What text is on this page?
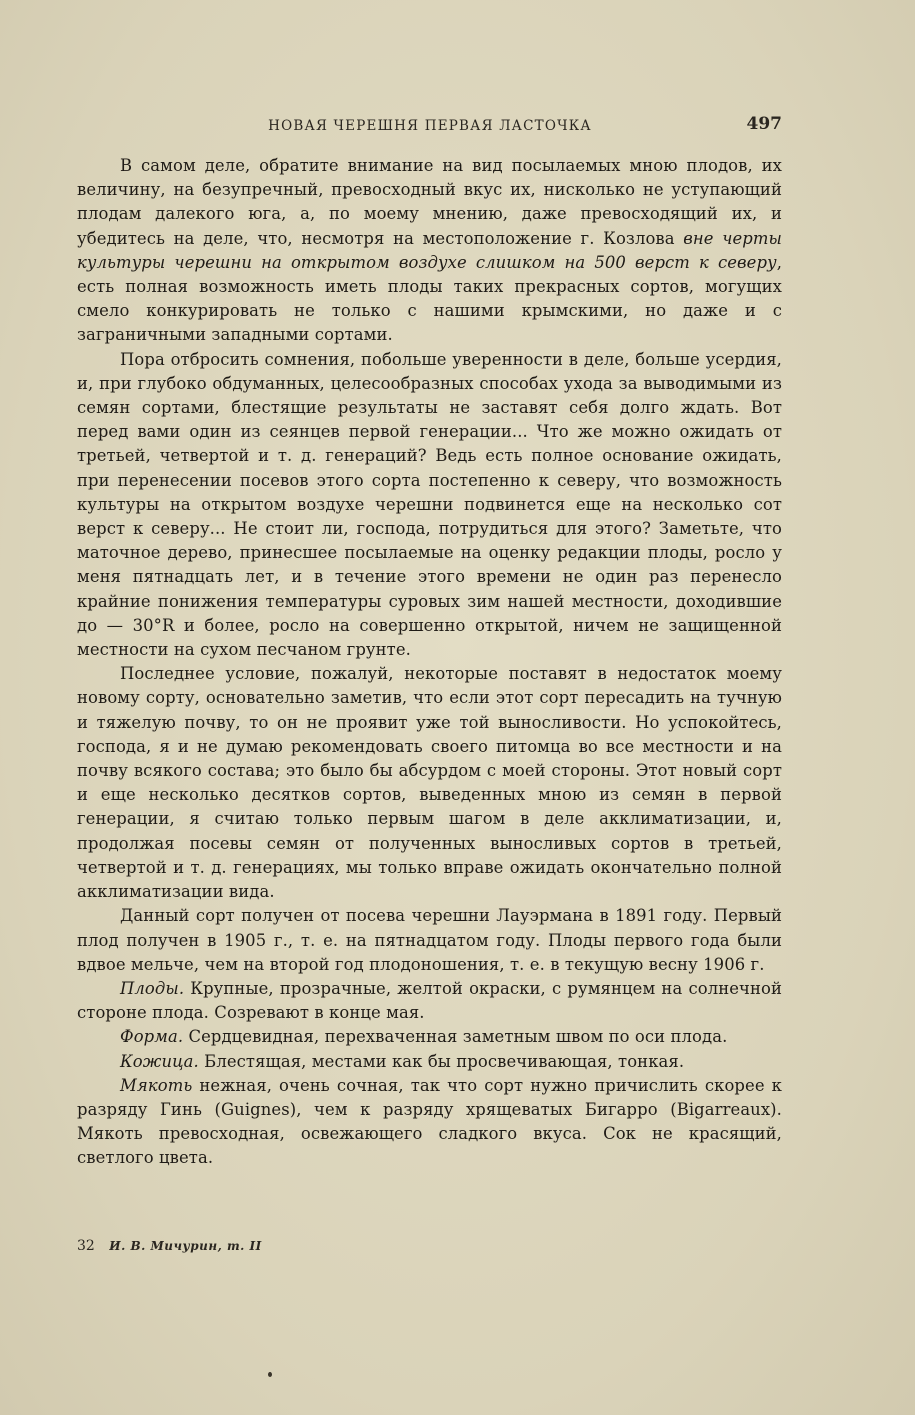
НОВАЯ ЧЕРЕШНЯ ПЕРВАЯ ЛАСТОЧКА	497

В самом деле, обратите внимание на вид посылаемых мною плодов, их величину, на безупречный, превосходный вкус их, нисколько не уступающий плодам далекого юга, а, по моему мнению, даже превосходящий их, и убедитесь на деле, что, несмотря на местоположение г. Козлова вне черты культуры черешни на открытом воздухе слишком на 500 верст к северу, есть полная возможность иметь плоды таких прекрасных сортов, могущих смело конкурировать не только с нашими крымскими, но даже и с заграничными западными сортами.

Пора отбросить сомнения, побольше уверенности в деле, больше усердия, и, при глубоко обдуманных, целесообразных способах ухода за выводимыми из семян сортами, блестящие результаты не заставят себя долго ждать. Вот перед вами один из сеянцев первой генерации... Что же можно ожидать от третьей, четвертой и т. д. генераций? Ведь есть полное основание ожидать, при перенесении посевов этого сорта постепенно к северу, что возможность культуры на открытом воздухе черешни подвинется еще на несколько сот верст к северу... Не стоит ли, господа, потрудиться для этого? Заметьте, что маточное дерево, принесшее посылаемые на оценку редакции плоды, росло у меня пятнадцать лет, и в течение этого времени не один раз перенесло крайние понижения температуры суровых зим нашей местности, доходившие до — 30°R и более, росло на совершенно открытой, ничем не защищенной местности на сухом песчаном грунте.

Последнее условие, пожалуй, некоторые поставят в недостаток моему новому сорту, основательно заметив, что если этот сорт пересадить на тучную и тяжелую почву, то он не проявит уже той выносливости. Но успокойтесь, господа, я и не думаю рекомендовать своего питомца во все местности и на почву всякого состава; это было бы абсурдом с моей стороны. Этот новый сорт и еще несколько десятков сортов, выведенных мною из семян в первой генерации, я считаю только первым шагом в деле акклиматизации, и, продолжая посевы семян от полученных выносливых сортов в третьей, четвертой и т. д. генерациях, мы только вправе ожидать окончательно полной акклиматизации вида.

Данный сорт получен от посева черешни Лауэрмана в 1891 году. Первый плод получен в 1905 г., т. е. на пятнадцатом году. Плоды первого года были вдвое мельче, чем на второй год плодоношения, т. е. в текущую весну 1906 г.

Плоды. Крупные, прозрачные, желтой окраски, с румянцем на солнечной стороне плода. Созревают в конце мая.

Форма. Сердцевидная, перехваченная заметным швом по оси плода.

Кожица. Блестящая, местами как бы просвечивающая, тонкая.

Мякоть нежная, очень сочная, так что сорт нужно причислить скорее к разряду Гинь (Guignes), чем к разряду хрящеватых Бигарро (Bigarreaux). Мякоть превосходная, освежающего сладкого вкуса. Сок не красящий, светлого цвета.

32 И. В. Мичурин, т. II
